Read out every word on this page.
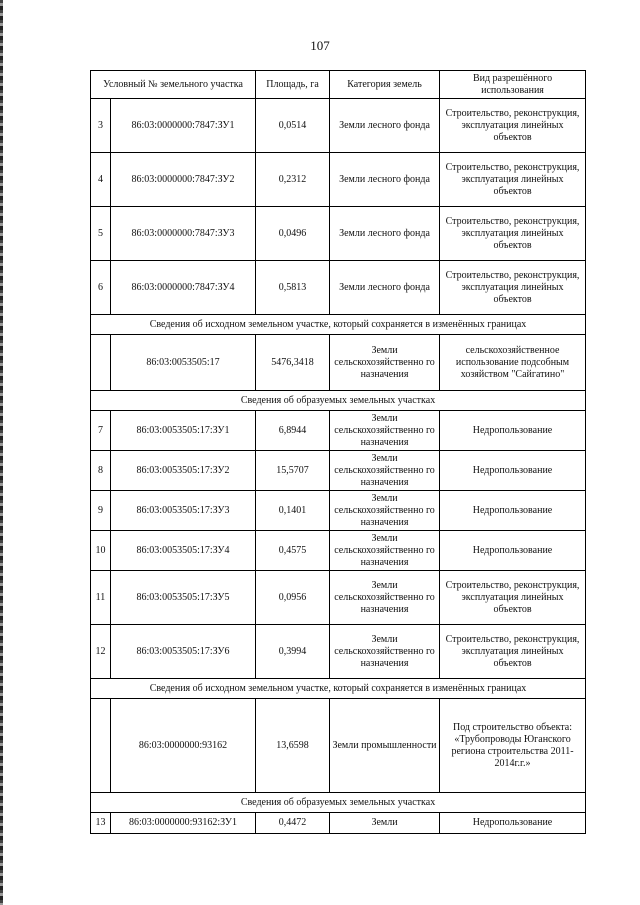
107
Условный № земельного участка		Площадь, га	Категория земель	Вид разрешённого использования
3	86:03:0000000:7847:ЗУ1	0,0514	Земли лесного фонда	Строительство, реконструкция, эксплуатация линейных объектов
4	86:03:0000000:7847:ЗУ2	0,2312	Земли лесного фонда	Строительство, реконструкция, эксплуатация линейных объектов
5	86:03:0000000:7847:ЗУ3	0,0496	Земли лесного фонда	Строительство, реконструкция, эксплуатация линейных объектов
6	86:03:0000000:7847:ЗУ4	0,5813	Земли лесного фонда	Строительство, реконструкция, эксплуатация линейных объектов
Сведения об исходном земельном участке, который сохраняется в изменённых границах				
	86:03:0053505:17	5476,3418	Земли сельскохозяйственно го назначения	сельскохозяйственное использование подсобным хозяйством "Сайгатино"
Сведения об образуемых земельных участках				
7	86:03:0053505:17:ЗУ1	6,8944	Земли сельскохозяйственно го назначения	Недропользование
8	86:03:0053505:17:ЗУ2	15,5707	Земли сельскохозяйственно го назначения	Недропользование
9	86:03:0053505:17:ЗУ3	0,1401	Земли сельскохозяйственно го назначения	Недропользование
10	86:03:0053505:17:ЗУ4	0,4575	Земли сельскохозяйственно го назначения	Недропользование
11	86:03:0053505:17:ЗУ5	0,0956	Земли сельскохозяйственно го назначения	Строительство, реконструкция, эксплуатация линейных объектов
12	86:03:0053505:17:ЗУ6	0,3994	Земли сельскохозяйственно го назначения	Строительство, реконструкция, эксплуатация линейных объектов
Сведения об исходном земельном участке, который сохраняется в изменённых границах				
	86:03:0000000:93162	13,6598	Земли промышленности	Под строительство объекта: «Трубопроводы Юганского региона строительства 2011-2014г.г.»
Сведения об образуемых земельных участках				
13	86:03:0000000:93162:ЗУ1	0,4472	Земли	Недропользование
